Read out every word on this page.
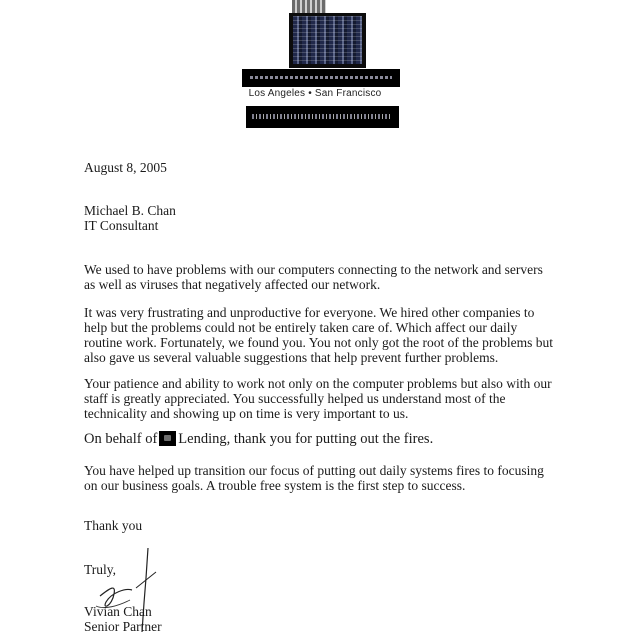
Los Angeles • San Francisco
August 8, 2005
Michael B. Chan
IT Consultant
We used to have problems with our computers connecting to the network and servers as well as viruses that negatively affected our network.
It was very frustrating and unproductive for everyone. We hired other companies to help but the problems could not be entirely taken care of. Which affect our daily routine work. Fortunately, we found you. You not only got the root of the problems but also gave us several valuable suggestions that help prevent further problems.
Your patience and ability to work not only on the computer problems but also with our staff is greatly appreciated. You successfully helped us understand most of the technicality and showing up on time is very important to us.
On behalf of Lending, thank you for putting out the fires.
You have helped up transition our focus of putting out daily systems fires to focusing on our business goals. A trouble free system is the first step to success.
Thank you
Truly,
Vivian Chan
Senior Partner
